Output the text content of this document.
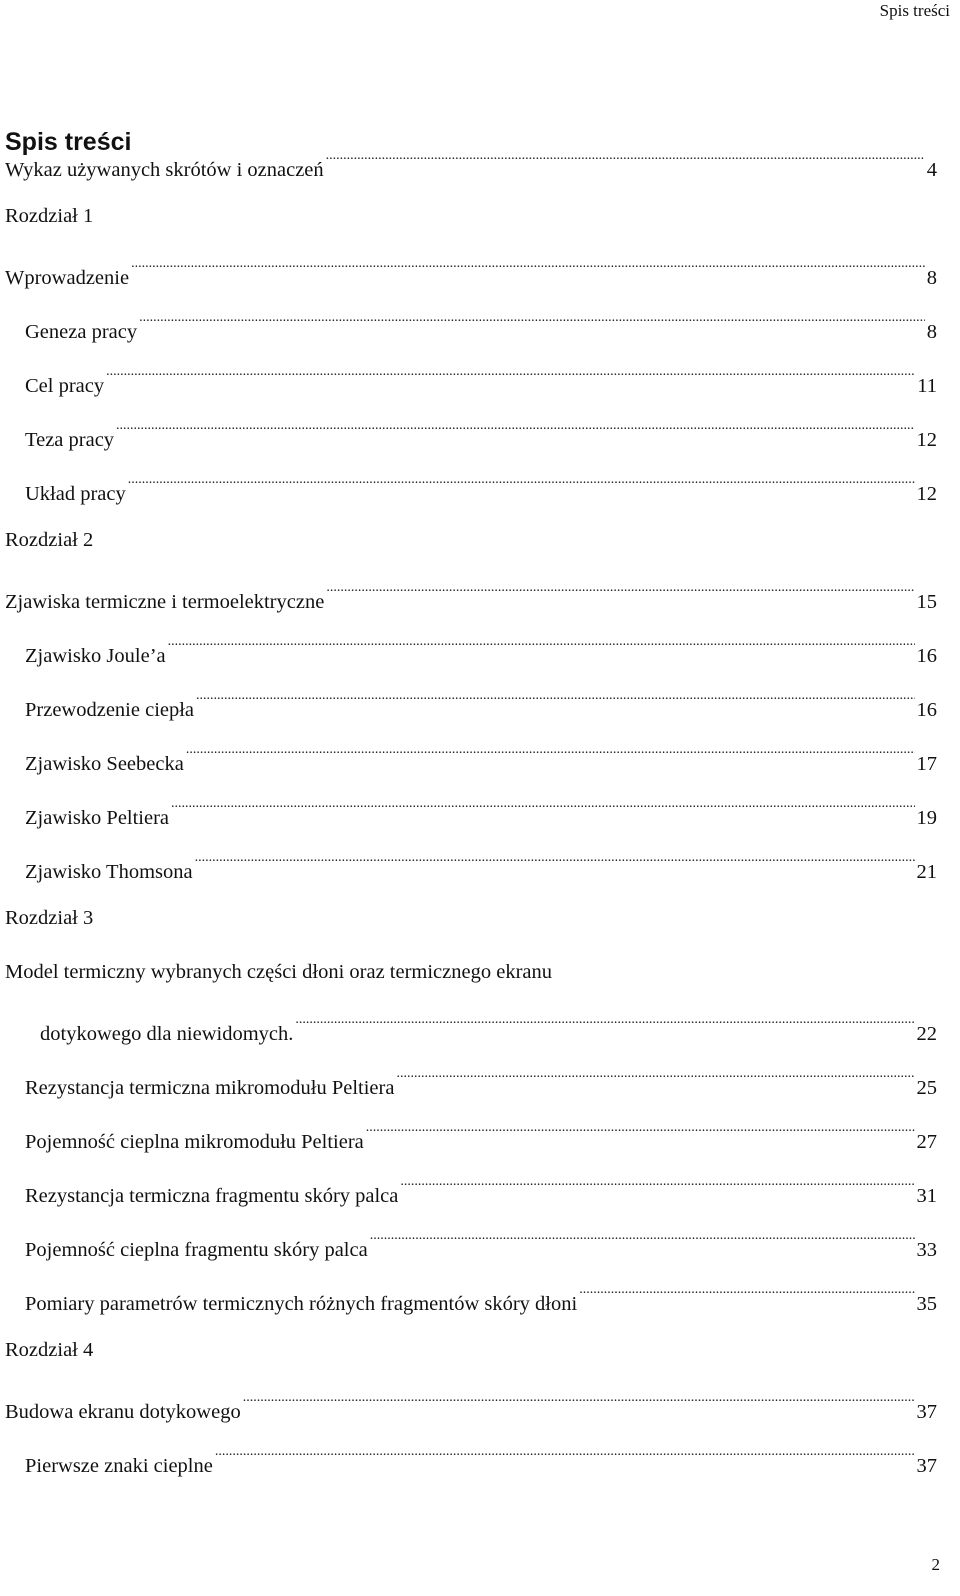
Spis treści
Spis treści
Wykaz używanych skrótów i oznaczeń .....	4
Rozdział 1
Wprowadzenie .....	8
Geneza pracy .....	8
Cel pracy .....	11
Teza pracy .....	12
Układ pracy .....	12
Rozdział 2
Zjawiska termiczne i termoelektryczne .....	15
Zjawisko Joule’a .....	16
Przewodzenie ciepła .....	16
Zjawisko Seebecka .....	17
Zjawisko Peltiera .....	19
Zjawisko Thomsona .....	21
Rozdział 3
Model termiczny wybranych części dłoni oraz termicznego ekranu
dotykowego dla niewidomych. .....	22
Rezystancja termiczna mikromodułu Peltiera .....	25
Pojemność cieplna mikromodułu Peltiera .....	27
Rezystancja termiczna fragmentu skóry palca .....	31
Pojemność cieplna fragmentu skóry palca .....	33
Pomiary parametrów termicznych różnych fragmentów skóry dłoni .....	35
Rozdział 4
Budowa ekranu dotykowego .....	37
Pierwsze znaki cieplne .....	37
2
